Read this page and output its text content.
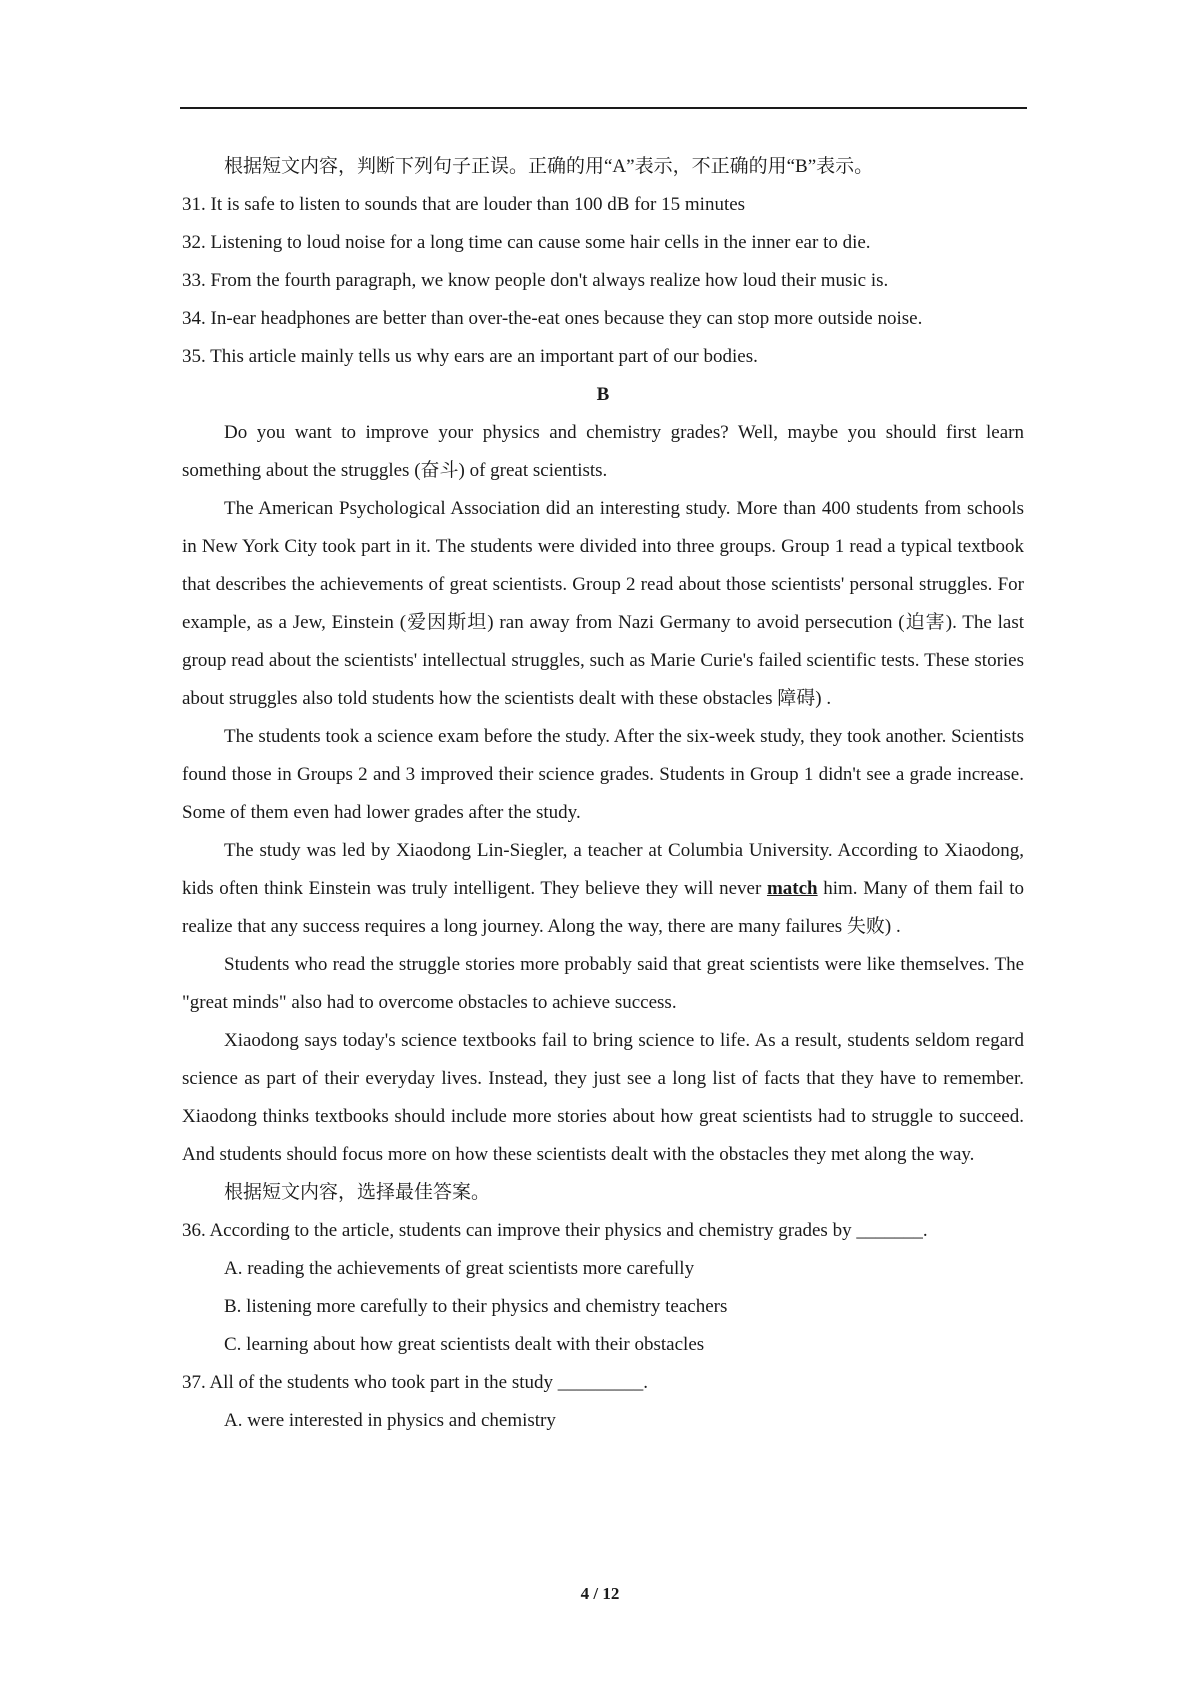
根据短文内容，判断下列句子正误。正确的用“A”表示，不正确的用“B”表示。

31. It is safe to listen to sounds that are louder than 100 dB for 15 minutes

32. Listening to loud noise for a long time can cause some hair cells in the inner ear to die.

33. From the fourth paragraph, we know people don't always realize how loud their music is.

34. In-ear headphones are better than over-the-eat ones because they can stop more outside noise.

35. This article mainly tells us why ears are an important part of our bodies.

B

Do you want to improve your physics and chemistry grades? Well, maybe you should first learn something about the struggles (奋斗) of great scientists.

The American Psychological Association did an interesting study. More than 400 students from schools in New York City took part in it. The students were divided into three groups. Group 1 read a typical textbook that describes the achievements of great scientists. Group 2 read about those scientists' personal struggles. For example, as a Jew, Einstein (爱因斯坦) ran away from Nazi Germany to avoid persecution (迫害). The last group read about the scientists' intellectual struggles, such as Marie Curie's failed scientific tests. These stories about struggles also told students how the scientists dealt with these obstacles 障碍) .

The students took a science exam before the study. After the six-week study, they took another. Scientists found those in Groups 2 and 3 improved their science grades. Students in Group 1 didn't see a grade increase. Some of them even had lower grades after the study.

The study was led by Xiaodong Lin-Siegler, a teacher at Columbia University. According to Xiaodong, kids often think Einstein was truly intelligent. They believe they will never match him. Many of them fail to realize that any success requires a long journey. Along the way, there are many failures 失败) .

Students who read the struggle stories more probably said that great scientists were like themselves. The "great minds" also had to overcome obstacles to achieve success.

Xiaodong says today's science textbooks fail to bring science to life. As a result, students seldom regard science as part of their everyday lives. Instead, they just see a long list of facts that they have to remember. Xiaodong thinks textbooks should include more stories about how great scientists had to struggle to succeed. And students should focus more on how these scientists dealt with the obstacles they met along the way.

根据短文内容，选择最佳答案。

36. According to the article, students can improve their physics and chemistry grades by _______.

A. reading the achievements of great scientists more carefully

B. listening more carefully to their physics and chemistry teachers

C. learning about how great scientists dealt with their obstacles

37. All of the students who took part in the study _________.

A. were interested in physics and chemistry

4 / 12
